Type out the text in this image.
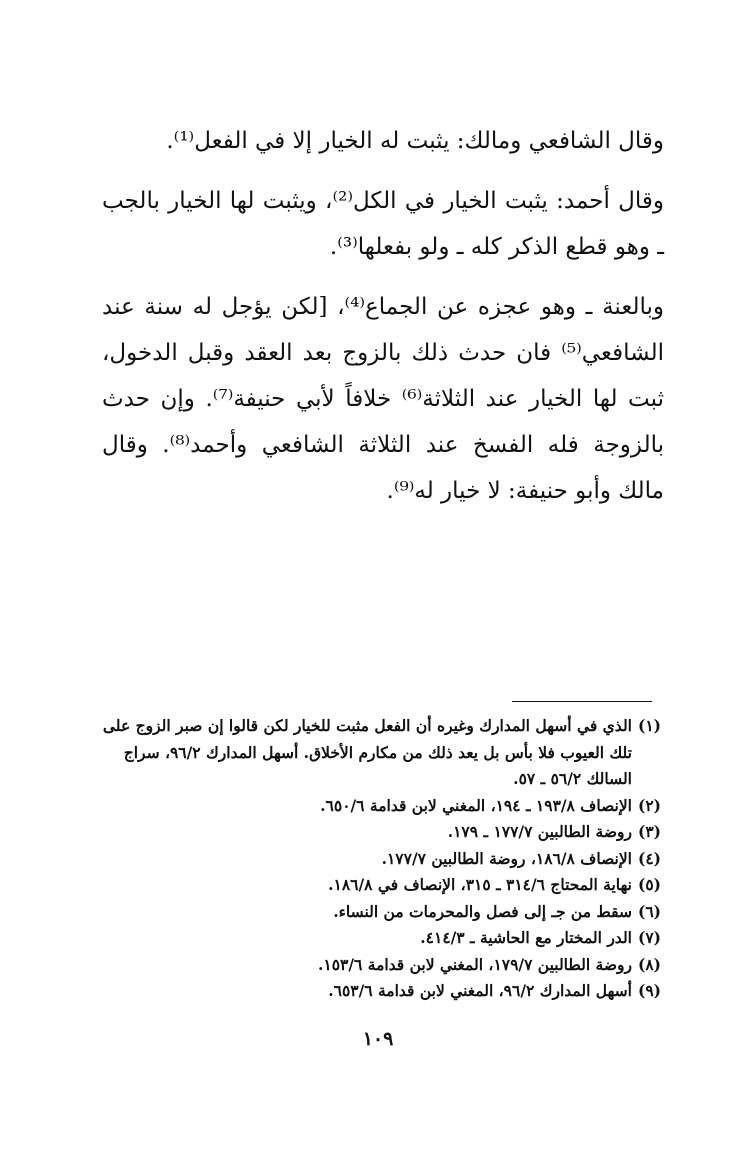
وقال الشافعي ومالك: يثبت له الخيار إلا في الفعل⁽¹⁾.

وقال أحمد: يثبت الخيار في الكل⁽²⁾، ويثبت لها الخيار بالجب ـ وهو قطع الذكر كله ـ ولو بفعلها⁽³⁾.

وبالعنة ـ وهو عجزه عن الجماع⁽⁴⁾، [لكن يؤجل له سنة عند الشافعي⁽⁵⁾ فان حدث ذلك بالزوج بعد العقد وقبل الدخول، ثبت لها الخيار عند الثلاثة⁽⁶⁾ خلافاً لأبي حنيفة⁽⁷⁾. وإن حدث بالزوجة فله الفسخ عند الثلاثة الشافعي وأحمد⁽⁸⁾. وقال مالك وأبو حنيفة: لا خيار له⁽⁹⁾.

(١)
الذي في أسهل المدارك وغيره أن الفعل مثبت للخيار لكن قالوا إن صبر الزوج على تلك العيوب فلا بأس بل يعد ذلك من مكارم الأخلاق. أسهل المدارك ٩٦/٢، سراج السالك ٥٦/٢ ـ ٥٧.
(٢)
الإنصاف ١٩٣/٨ ـ ١٩٤، المغني لابن قدامة ٦٥٠/٦.
(٣)
روضة الطالبين ١٧٧/٧ ـ ١٧٩.
(٤)
الإنصاف ١٨٦/٨، روضة الطالبين ١٧٧/٧.
(٥)
نهاية المحتاج ٣١٤/٦ ـ ٣١٥، الإنصاف في ١٨٦/٨.
(٦)
سقط من جـ إلى فصل والمحرمات من النساء.
(٧)
الدر المختار مع الحاشية ـ ٤١٤/٣.
(٨)
روضة الطالبين ١٧٩/٧، المغني لابن قدامة ١٥٣/٦.
(٩)
أسهل المدارك ٩٦/٢، المغني لابن قدامة ٦٥٣/٦.
١٠٩
